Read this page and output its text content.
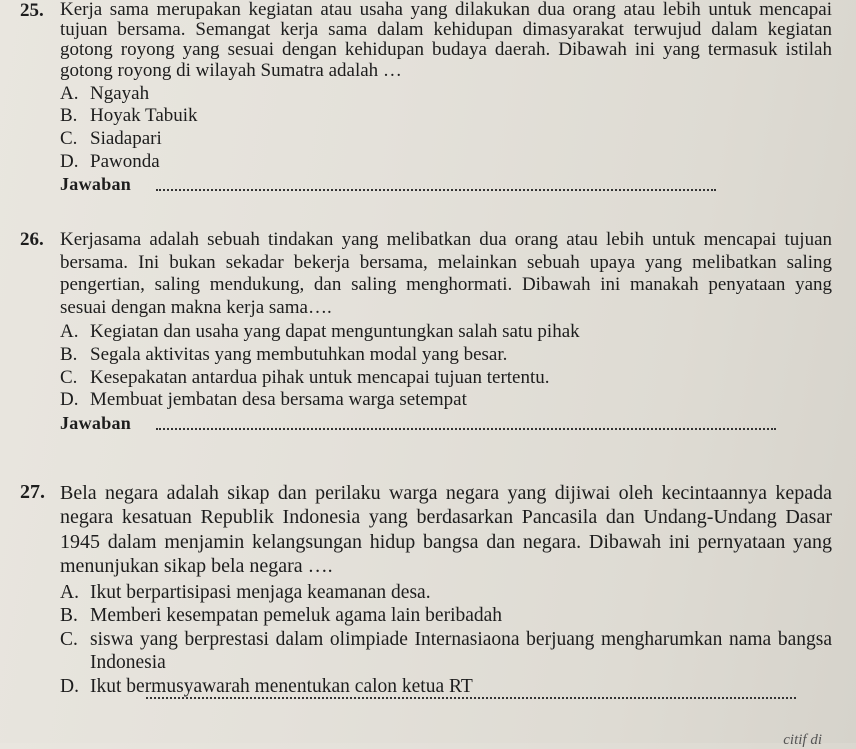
25. Kerja sama merupakan kegiatan atau usaha yang dilakukan dua orang atau lebih untuk mencapai tujuan bersama. Semangat kerja sama dalam kehidupan dimasyarakat terwujud dalam kegiatan gotong royong yang sesuai dengan kehidupan budaya daerah. Dibawah ini yang termasuk istilah gotong royong di wilayah Sumatra adalah …
A. Ngayah
B. Hoyak Tabuik
C. Siadapari
D. Pawonda
Jawaban
26. Kerjasama adalah sebuah tindakan yang melibatkan dua orang atau lebih untuk mencapai tujuan bersama. Ini bukan sekadar bekerja bersama, melainkan sebuah upaya yang melibatkan saling pengertian, saling mendukung, dan saling menghormati. Dibawah ini manakah penyataan yang sesuai dengan makna kerja sama….
A. Kegiatan dan usaha yang dapat menguntungkan salah satu pihak
B. Segala aktivitas yang membutuhkan modal yang besar.
C. Kesepakatan antardua pihak untuk mencapai tujuan tertentu.
D. Membuat jembatan desa bersama warga setempat
Jawaban
27. Bela negara adalah sikap dan perilaku warga negara yang dijiwai oleh kecintaannya kepada negara kesatuan Republik Indonesia yang berdasarkan Pancasila dan Undang-Undang Dasar 1945 dalam menjamin kelangsungan hidup bangsa dan negara. Dibawah ini pernyataan yang menunjukan sikap bela negara ….
A. Ikut berpartisipasi menjaga keamanan desa.
B. Memberi kesempatan pemeluk agama lain beribadah
C. siswa yang berprestasi dalam olimpiade Internasiaona berjuang mengharumkan nama bangsa Indonesia
D. Ikut bermusyawarah menentukan calon ketua RT
citif di
